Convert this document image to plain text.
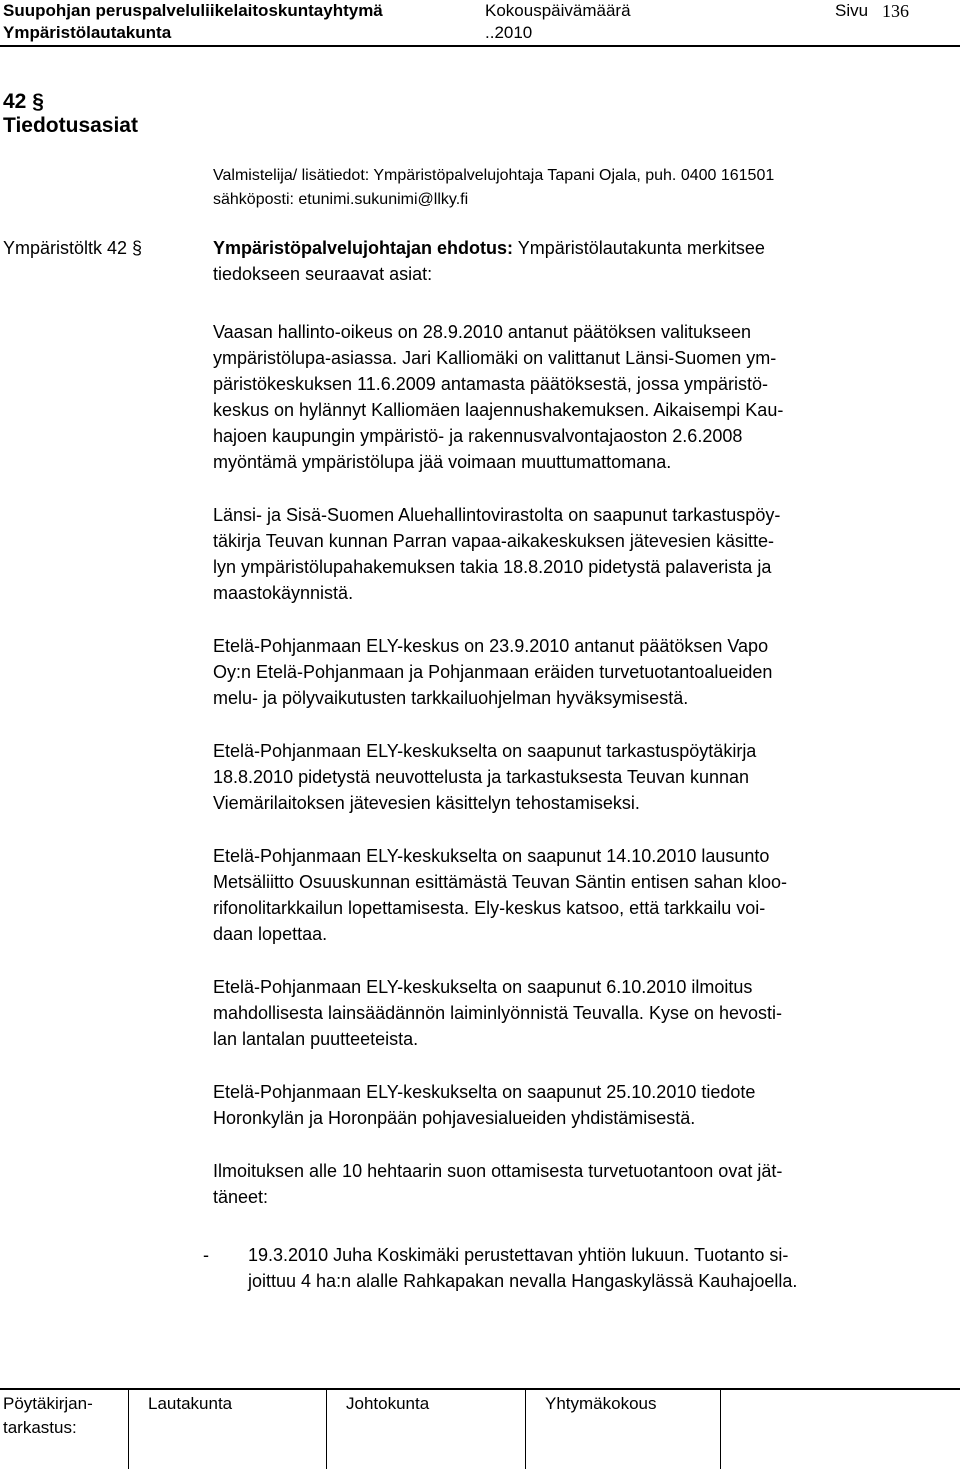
Suupohjan peruspalveluliikelaitoskuntayhtymä	Kokouspäivämäärä	Sivu 136
Ympäristölautakunta	..2010
42 §
Tiedotusasiat
Valmistelija/ lisätiedot: Ympäristöpalvelujohtaja Tapani Ojala, puh. 0400 161501
sähköposti: etunimi.sukunimi@llky.fi
Ympäristöltk 42 §	Ympäristöpalvelujohtajan ehdotus: Ympäristölautakunta merkitsee
tiedokseen seuraavat asiat:

Vaasan hallinto-oikeus on 28.9.2010 antanut päätöksen valitukseen
ympäristölupa-asiassa. Jari Kalliomäki on valittanut Länsi-Suomen ym-
päristökeskuksen 11.6.2009 antamasta päätöksestä, jossa ympäristö-
keskus on hylännyt Kalliomäen laajennushakemuksen. Aikaisempi Kau-
hajoen kaupungin ympäristö- ja rakennusvalvontajaoston 2.6.2008
myöntämä ympäristölupa jää voimaan muuttumattomana.
Länsi- ja Sisä-Suomen Aluehallintovirastolta on saapunut tarkastuspöy-
täkirja Teuvan kunnan Parran vapaa-aikakeskuksen jätevesien käsitte-
lyn ympäristölupahakemuksen takia 18.8.2010 pidetystä palaverista ja
maastokäynnistä.
Etelä-Pohjanmaan ELY-keskus on 23.9.2010 antanut päätöksen Vapo
Oy:n Etelä-Pohjanmaan ja Pohjanmaan eräiden turvetuotantoalueiden
melu- ja pölyvaikutusten tarkkailuohjelman hyväksymisestä.
Etelä-Pohjanmaan ELY-keskukselta on saapunut tarkastuspöytäkirja
18.8.2010 pidetystä neuvottelusta ja tarkastuksesta Teuvan kunnan
Viemärilaitoksen jätevesien käsittelyn tehostamiseksi.
Etelä-Pohjanmaan ELY-keskukselta on saapunut 14.10.2010 lausunto
Metsäliitto Osuuskunnan esittämästä Teuvan Säntin entisen sahan kloo-
rifonolitarkkailun lopettamisesta. Ely-keskus katsoo, että tarkkailu voi-
daan lopettaa.
Etelä-Pohjanmaan ELY-keskukselta on saapunut 6.10.2010 ilmoitus
mahdollisesta lainsäädännön laiminlyönnistä Teuvalla. Kyse on hevosti-
lan lantalan puutteeteista.
Etelä-Pohjanmaan ELY-keskukselta on saapunut 25.10.2010 tiedote
Horonkylän ja Horonpään pohjavesialueiden yhdistämisestä.
Ilmoituksen alle 10 hehtaarin suon ottamisesta turvetuotantoon ovat jät-
täneet:
- 19.3.2010 Juha Koskimäki perustettavan yhtiön lukuun. Tuotanto si-
joittuu 4 ha:n alalle Rahkapakan nevalla Hangaskylässä Kauhajoella.
Pöytäkirjan-
tarkastus:
Lautakunta	Johtokunta	Yhtymäkokous
